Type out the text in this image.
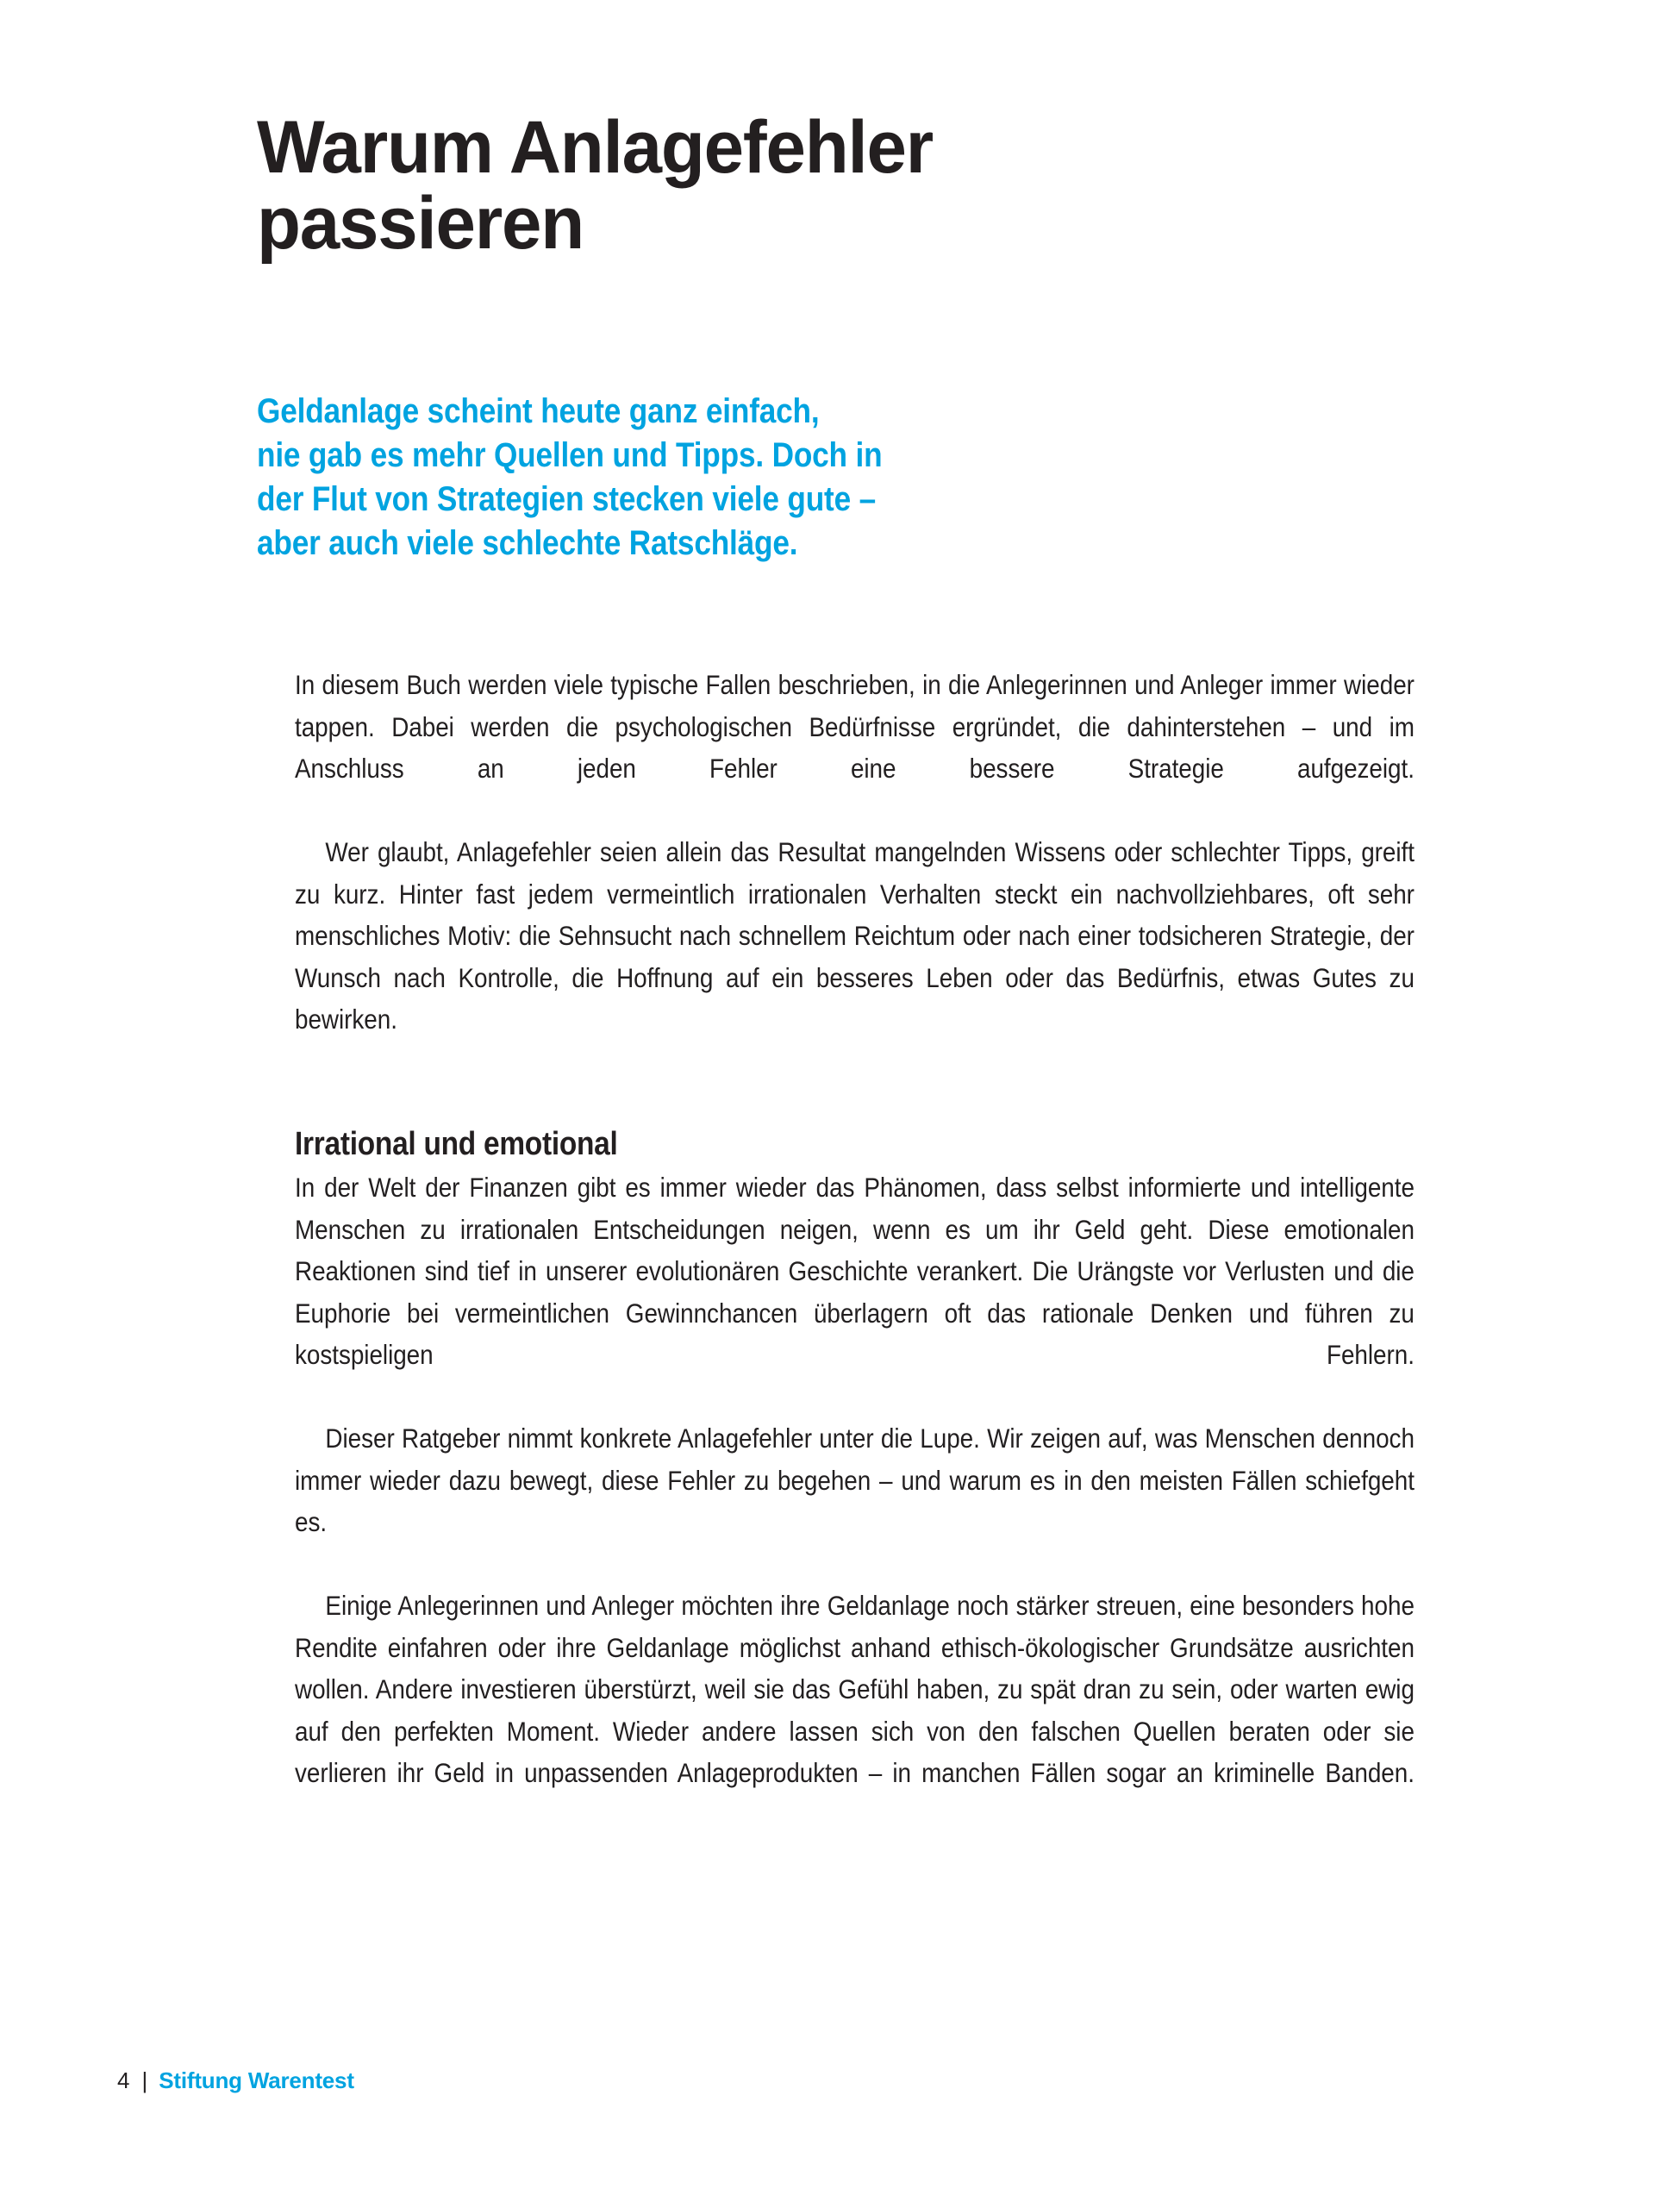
Warum Anlagefehler
passieren

Geldanlage scheint heute ganz einfach,
nie gab es mehr Quellen und Tipps. Doch in
der Flut von Strategien stecken viele gute –
aber auch viele schlechte Ratschläge.

In diesem Buch werden viele typische Fallen beschrieben, in die Anlegerinnen und Anleger immer wieder tappen. Dabei werden die psychologischen Bedürfnisse ergründet, die dahinterstehen – und im Anschluss an jeden Fehler eine bessere Strategie aufgezeigt.

Wer glaubt, Anlagefehler seien allein das Resultat mangelnden Wissens oder schlechter Tipps, greift zu kurz. Hinter fast jedem vermeintlich irrationalen Verhalten steckt ein nachvollziehbares, oft sehr menschliches Motiv: die Sehnsucht nach schnellem Reichtum oder nach einer todsicheren Strategie, der Wunsch nach Kontrolle, die Hoffnung auf ein besseres Leben oder das Bedürfnis, etwas Gutes zu bewirken.

Irrational und emotional

In der Welt der Finanzen gibt es immer wieder das Phänomen, dass selbst informierte und intelligente Menschen zu irrationalen Entscheidungen neigen, wenn es um ihr Geld geht. Diese emotionalen Reaktionen sind tief in unserer evolutionären Geschichte verankert. Die Urängste vor Verlusten und die Euphorie bei vermeintlichen Gewinnchancen überlagern oft das rationale Denken und führen zu kostspieligen Fehlern.

Dieser Ratgeber nimmt konkrete Anlagefehler unter die Lupe. Wir zeigen auf, was Menschen dennoch immer wieder dazu bewegt, diese Fehler zu begehen – und warum es in den meisten Fällen schiefgeht es.

Einige Anlegerinnen und Anleger möchten ihre Geldanlage noch stärker streuen, eine besonders hohe Rendite einfahren oder ihre Geldanlage möglichst anhand ethisch-ökologischer Grundsätze ausrichten wollen. Andere investieren überstürzt, weil sie das Gefühl haben, zu spät dran zu sein, oder warten ewig auf den perfekten Moment. Wieder andere lassen sich von den falschen Quellen beraten oder sie verlieren ihr Geld in unpassenden Anlageprodukten – in manchen Fällen sogar an kriminelle Banden.

4 | Stiftung Warentest
